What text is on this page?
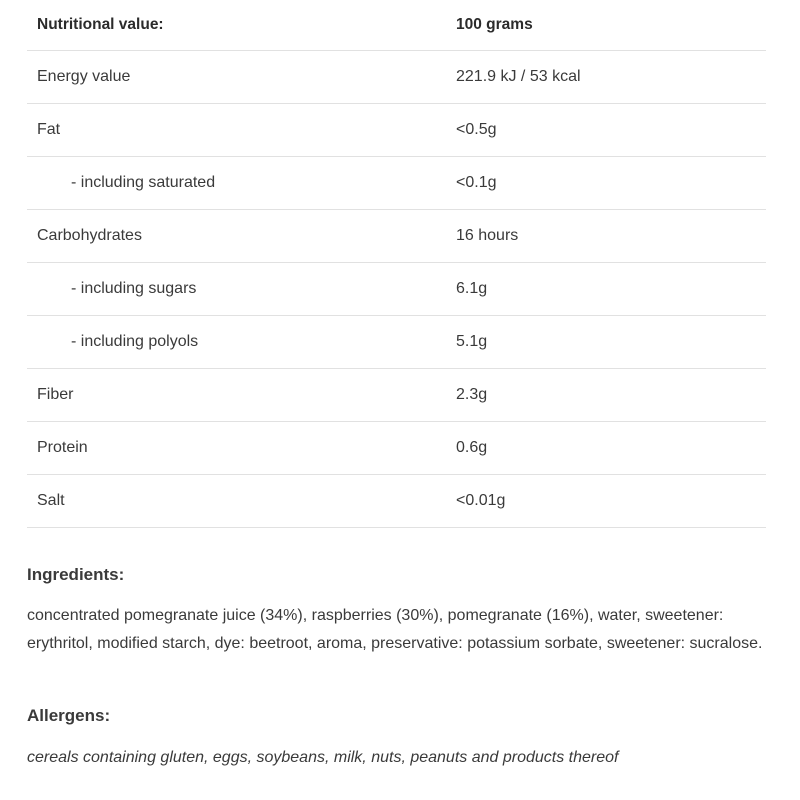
Nutritional value:	100 grams
Energy value	221.9 kJ / 53 kcal
Fat	<0.5g
- including saturated	<0.1g
Carbohydrates	16 hours
- including sugars	6.1g
- including polyols	5.1g
Fiber	2.3g
Protein	0.6g
Salt	<0.01g
Ingredients:

concentrated pomegranate juice (34%), raspberries (30%), pomegranate (16%), water, sweetener: erythritol, modified starch, dye: beetroot, aroma, preservative: potassium sorbate, sweetener: sucralose.

Allergens:

cereals containing gluten, eggs, soybeans, milk, nuts, peanuts and products thereof
